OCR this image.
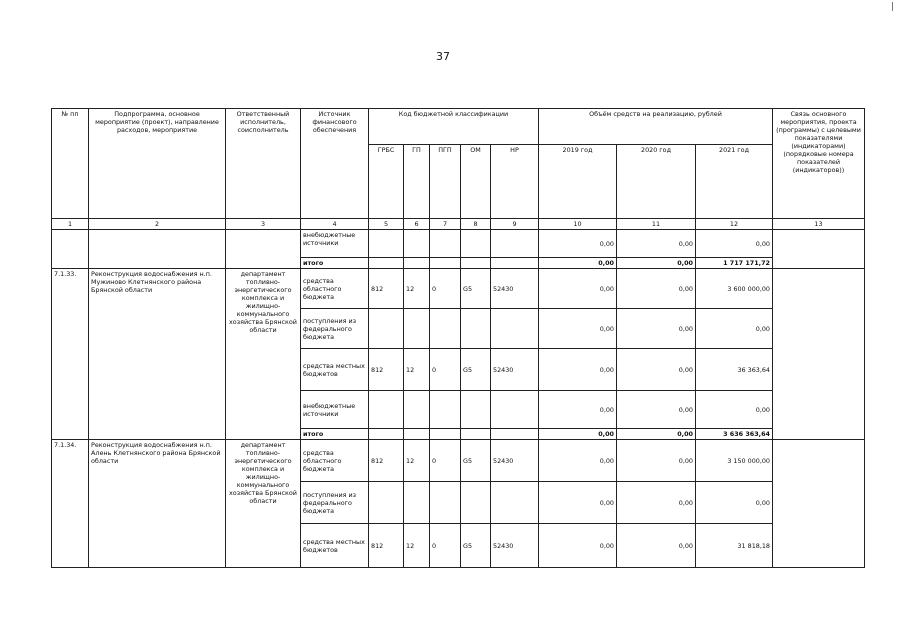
37
№ пп	Подпрограмма, основное мероприятие (проект), направление расходов, мероприятие	Ответственный исполнитель, соисполнитель	Источник финансового обеспечения	Код бюджетной классификации					Объём средств на реализацию, рублей			Связь основного мероприятия, проекта (программы) с целевыми показателями (индикаторами) (порядковые номера показателей (индикаторов))
				ГРБС	ГП	ПГП	ОМ	НР	2019 год	2020 год	2021 год	
1	2	3	4	5	6	7	8	9	10	11	12	13
			внебюджетные источники						0,00	0,00	0,00	
			итого						0,00	0,00	1 717 171,72	
7.1.33.	Реконструкция водоснабжения н.п. Мужиново Клетнянского района Брянской области	департамент топливно-энергетического комплекса и жилищно-коммунального хозяйства Брянской области	средства областного бюджета	812	12	0	G5	52430	0,00	0,00	3 600 000,00	
			поступления из федерального бюджета						0,00	0,00	0,00	
			средства местных бюджетов	812	12	0	G5	52430	0,00	0,00	36 363,64	
			внебюджетные источники						0,00	0,00	0,00	
			итого						0,00	0,00	3 636 363,64	
7.1.34.	Реконструкция водоснабжения н.п. Алень Клетнянского района Брянской области	департамент топливно-энергетического комплекса и жилищно-коммунального хозяйства Брянской области	средства областного бюджета	812	12	0	G5	52430	0,00	0,00	3 150 000,00	
			поступления из федерального бюджета						0,00	0,00	0,00	
			средства местных бюджетов	812	12	0	G5	52430	0,00	0,00	31 818,18	
